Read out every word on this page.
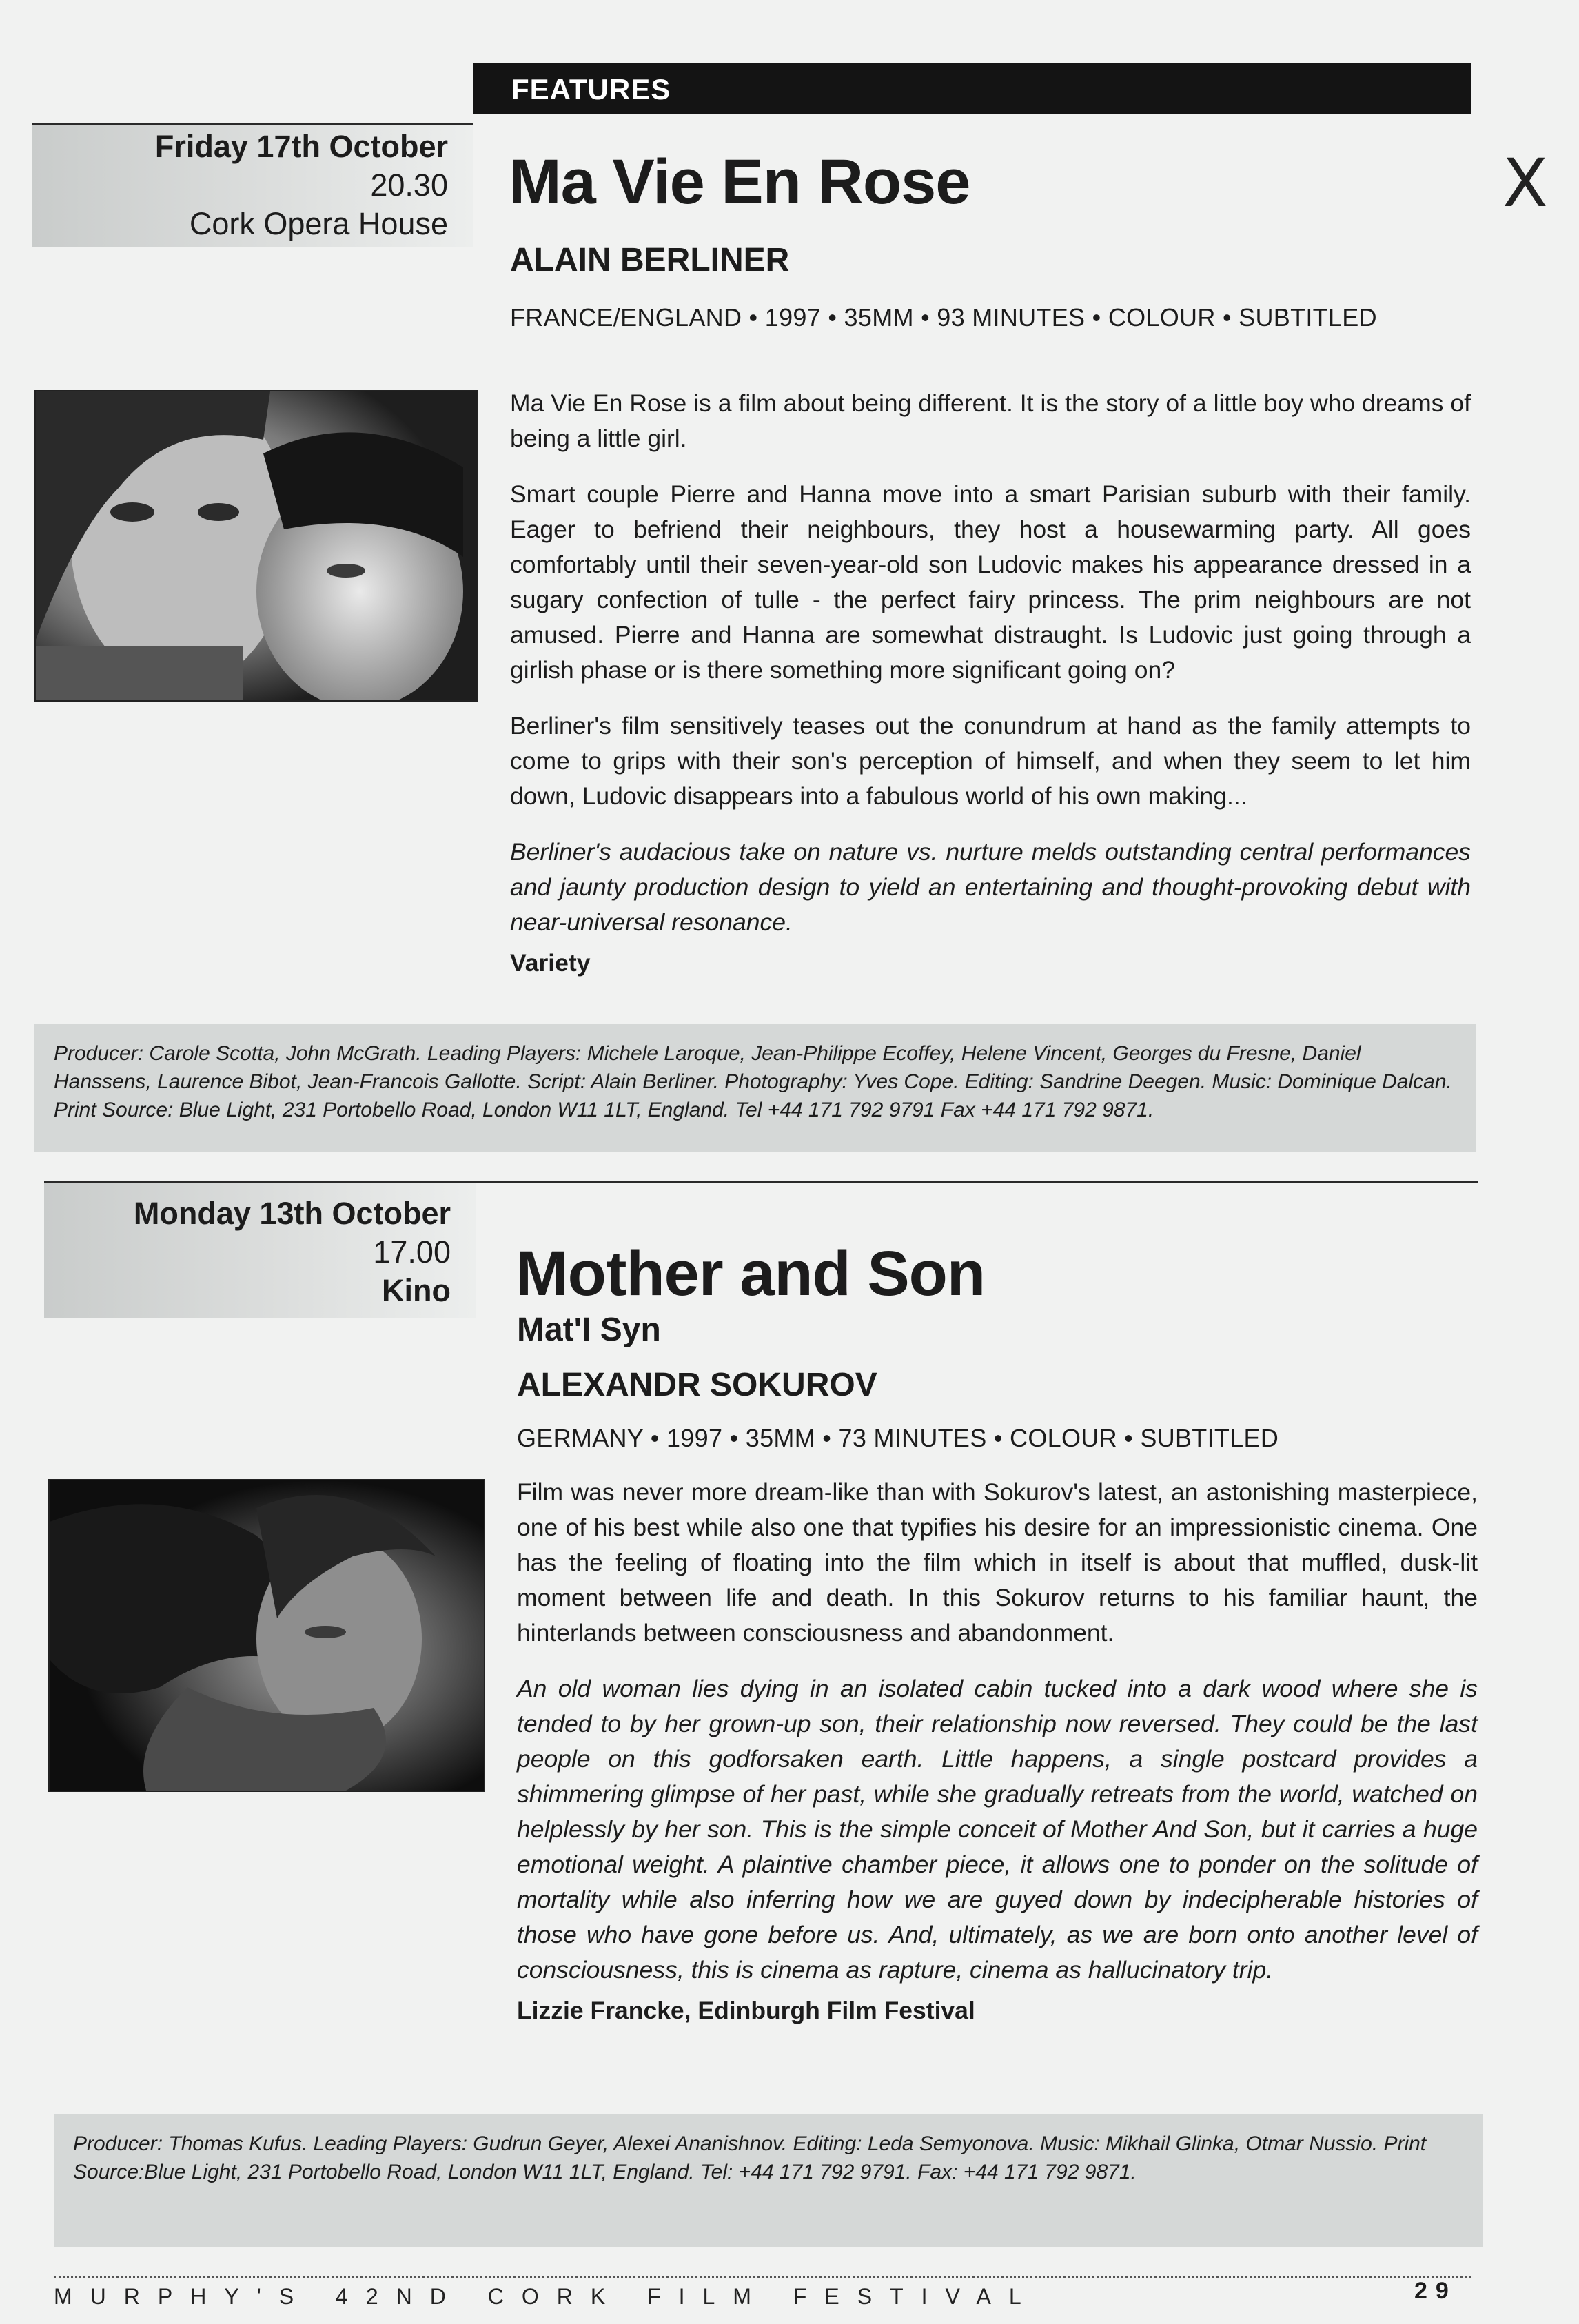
FEATURES
X
Friday 17th October
20.30
Cork Opera House
Ma Vie En Rose
ALAIN BERLINER
FRANCE/ENGLAND • 1997 • 35MM • 93 MINUTES • COLOUR • SUBTITLED

Ma Vie En Rose is a film about being different. It is the story of a little boy who dreams of being a little girl.

Smart couple Pierre and Hanna move into a smart Parisian suburb with their family. Eager to befriend their neighbours, they host a housewarming party. All goes comfortably until their seven-year-old son Ludovic makes his appearance dressed in a sugary confection of tulle - the perfect fairy princess. The prim neighbours are not amused. Pierre and Hanna are somewhat distraught. Is Ludovic just going through a girlish phase or is there something more significant going on?

Berliner's film sensitively teases out the conundrum at hand as the family attempts to come to grips with their son's perception of himself, and when they seem to let him down, Ludovic disappears into a fabulous world of his own making...

Berliner's audacious take on nature vs. nurture melds outstanding central performances and jaunty production design to yield an entertaining and thought-provoking debut with near-universal resonance.

Variety

Producer: Carole Scotta, John McGrath. Leading Players: Michele Laroque, Jean-Philippe Ecoffey, Helene Vincent, Georges du Fresne, Daniel Hanssens, Laurence Bibot, Jean-Francois Gallotte. Script: Alain Berliner. Photography: Yves Cope. Editing: Sandrine Deegen. Music: Dominique Dalcan. Print Source: Blue Light, 231 Portobello Road, London W11 1LT, England. Tel +44 171 792 9791 Fax +44 171 792 9871.
Monday 13th October
17.00
Kino	Mother and Son
Mat'I Syn
ALEXANDR SOKUROV
GERMANY • 1997 • 35MM • 73 MINUTES • COLOUR • SUBTITLED

Film was never more dream-like than with Sokurov's latest, an astonishing masterpiece, one of his best while also one that typifies his desire for an impressionistic cinema. One has the feeling of floating into the film which in itself is about that muffled, dusk-lit moment between life and death. In this Sokurov returns to his familiar haunt, the hinterlands between consciousness and abandonment.

An old woman lies dying in an isolated cabin tucked into a dark wood where she is tended to by her grown-up son, their relationship now reversed. They could be the last people on this godforsaken earth. Little happens, a single postcard provides a shimmering glimpse of her past, while she gradually retreats from the world, watched on helplessly by her son. This is the simple conceit of Mother And Son, but it carries a huge emotional weight. A plaintive chamber piece, it allows one to ponder on the solitude of mortality while also inferring how we are guyed down by indecipherable histories of those who have gone before us. And, ultimately, as we are born onto another level of consciousness, this is cinema as rapture, cinema as hallucinatory trip.

Lizzie Francke, Edinburgh Film Festival

Producer: Thomas Kufus. Leading Players: Gudrun Geyer, Alexei Ananishnov. Editing: Leda Semyonova. Music: Mikhail Glinka, Otmar Nussio. Print Source:Blue Light, 231 Portobello Road, London W11 1LT, England. Tel: +44 171 792 9791. Fax: +44 171 792 9871.
MURPHY'S 42ND CORK FILM FESTIVAL	29
